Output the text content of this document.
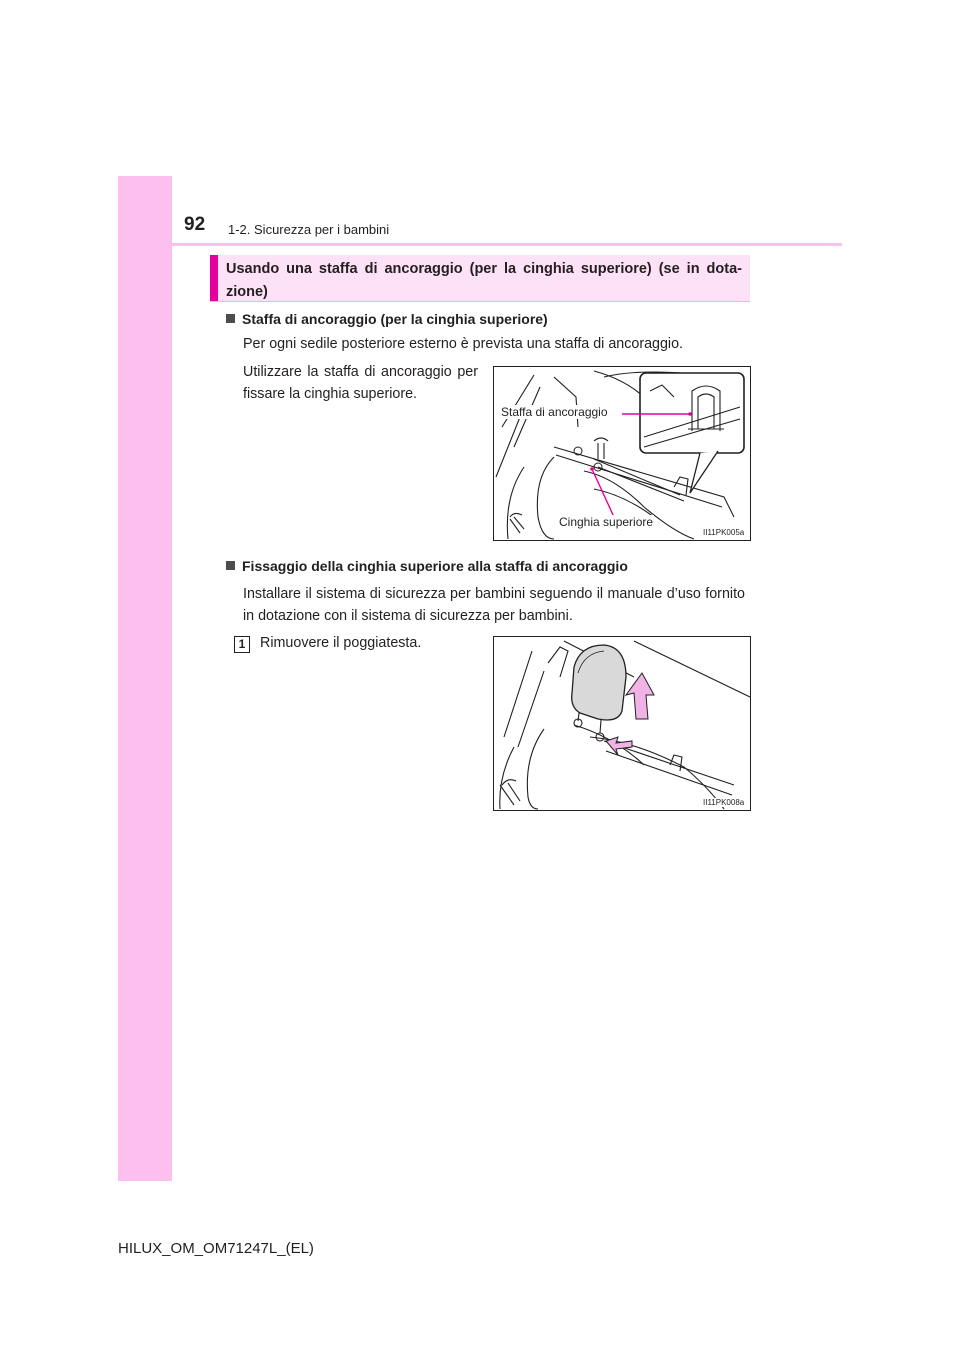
92 1-2. Sicurezza per i bambini
Usando una staffa di ancoraggio (per la cinghia superiore) (se in dota-zione)
Staffa di ancoraggio (per la cinghia superiore)
Per ogni sedile posteriore esterno è prevista una staffa di ancoraggio.
Utilizzare la staffa di ancoraggio per fissare la cinghia superiore.
Staffa di ancoraggio
Cinghia superiore
II11PK005a
Fissaggio della cinghia superiore alla staffa di ancoraggio
Installare il sistema di sicurezza per bambini seguendo il manuale d’uso fornito in dotazione con il sistema di sicurezza per bambini.
1	Rimuovere il poggiatesta.
II11PK008a
HILUX_OM_OM71247L_(EL)
